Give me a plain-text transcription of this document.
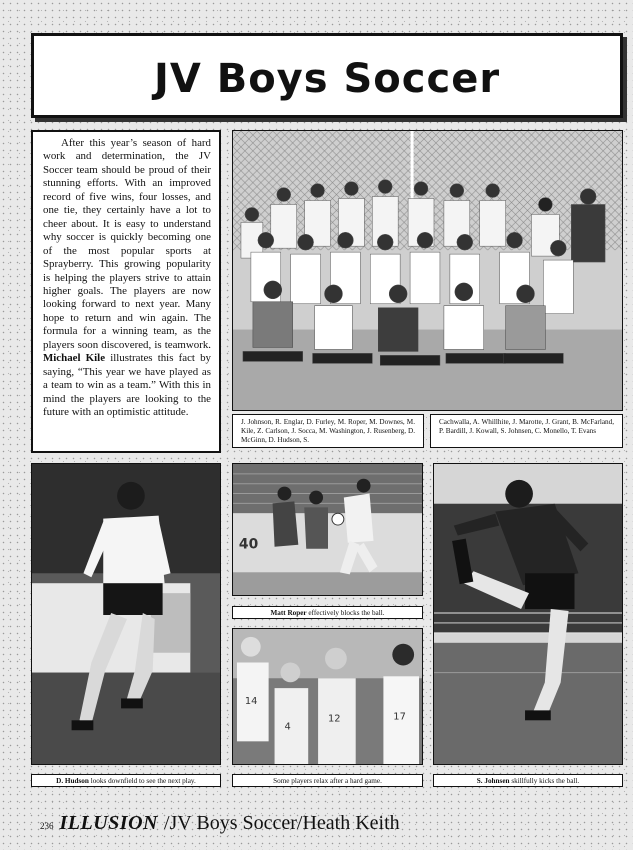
JV Boys Soccer
After this year’s season of hard work and determination, the JV Soccer team should be proud of their stunning efforts. With an improved record of five wins, four losses, and one tie, they certainly have a lot to cheer about. It is easy to understand why soccer is quickly becoming one of the most popular sports at Sprayberry. This growing popularity is helping the players strive to attain higher goals. The players are now looking forward to next year. Many hope to return and win again. The formula for a winning team, as the players soon discovered, is teamwork. Michael Kile illustrates this fact by saying, “This year we have played as a team to win as a team.” With this in mind the players are looking to the future with an optimistic attitude.
J. Johnson, R. Englar, D. Furley, M. Roper, M. Downes, M. Kile, Z. Carlson, J. Socca, M. Washington, J. Rusenberg, D. McGinn, D. Hudson, S.
Cachwalla, A. Whillhite, J. Marotte, J. Grant, B. McFarland, P. Bardill, J. Kowall, S. Johnsen, C. Monello, T. Evans
D. Hudson looks downfield to see the next play.
40
Matt Roper effectively blocks the ball.
14
4
12	17
Some players relax after a hard game.	S. Johnsen skillfully kicks the ball.
236 ILLUSION /JV Boys Soccer/Heath Keith
